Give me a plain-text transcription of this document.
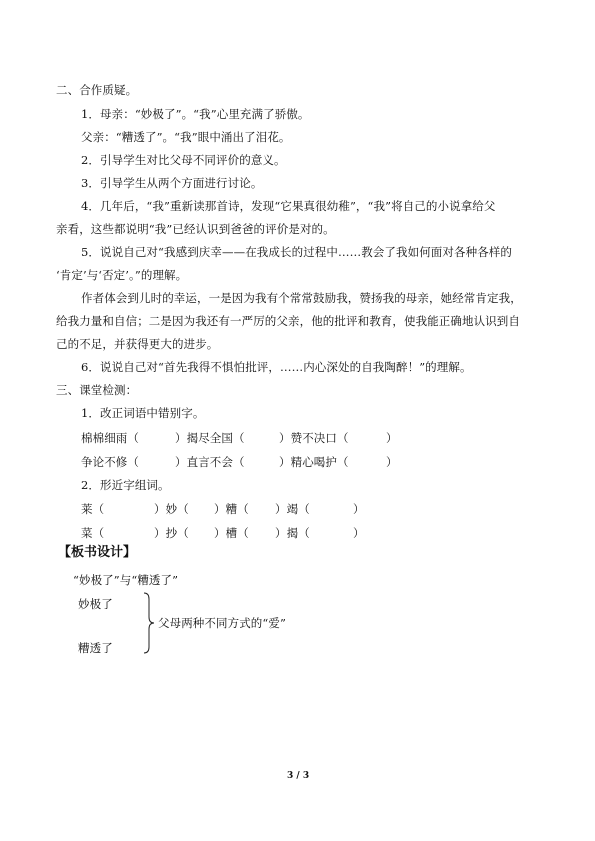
二、合作质疑。
1．母亲：“妙极了”。“我”心里充满了骄傲。
父亲：“糟透了”。“我”眼中涌出了泪花。
2．引导学生对比父母不同评价的意义。
3．引导学生从两个方面进行讨论。
4．几年后，“我”重新读那首诗，发现“它果真很幼稚”，“我”将自己的小说拿给父
亲看，这些都说明“我”已经认识到爸爸的评价是对的。
5．说说自己对“我感到庆幸——在我成长的过程中……教会了我如何面对各种各样的
‘肯定’与‘否定’。”的理解。
作者体会到儿时的幸运，一是因为我有个常常鼓励我，赞扬我的母亲，她经常肯定我，
给我力量和自信；二是因为我还有一严厉的父亲，他的批评和教育，使我能正确地认识到自
己的不足，并获得更大的进步。
6．说说自己对“首先我得不惧怕批评，……内心深处的自我陶醉！”的理解。
三、课堂检测：
1．改正词语中错别字。
棉棉细雨（	）揭尽全国（	）赞不决口（	）
争论不修（	）直言不会（	）精心喝护（	）
2．形近字组词。
莱（	）妙（ ）糟（ ）竭（	）
菜（	）抄（ ）槽（ ）揭（	）
【板书设计】
“妙极了”与“糟透了”
妙极了
糟透了
父母两种不同方式的“爱”
3 / 3
